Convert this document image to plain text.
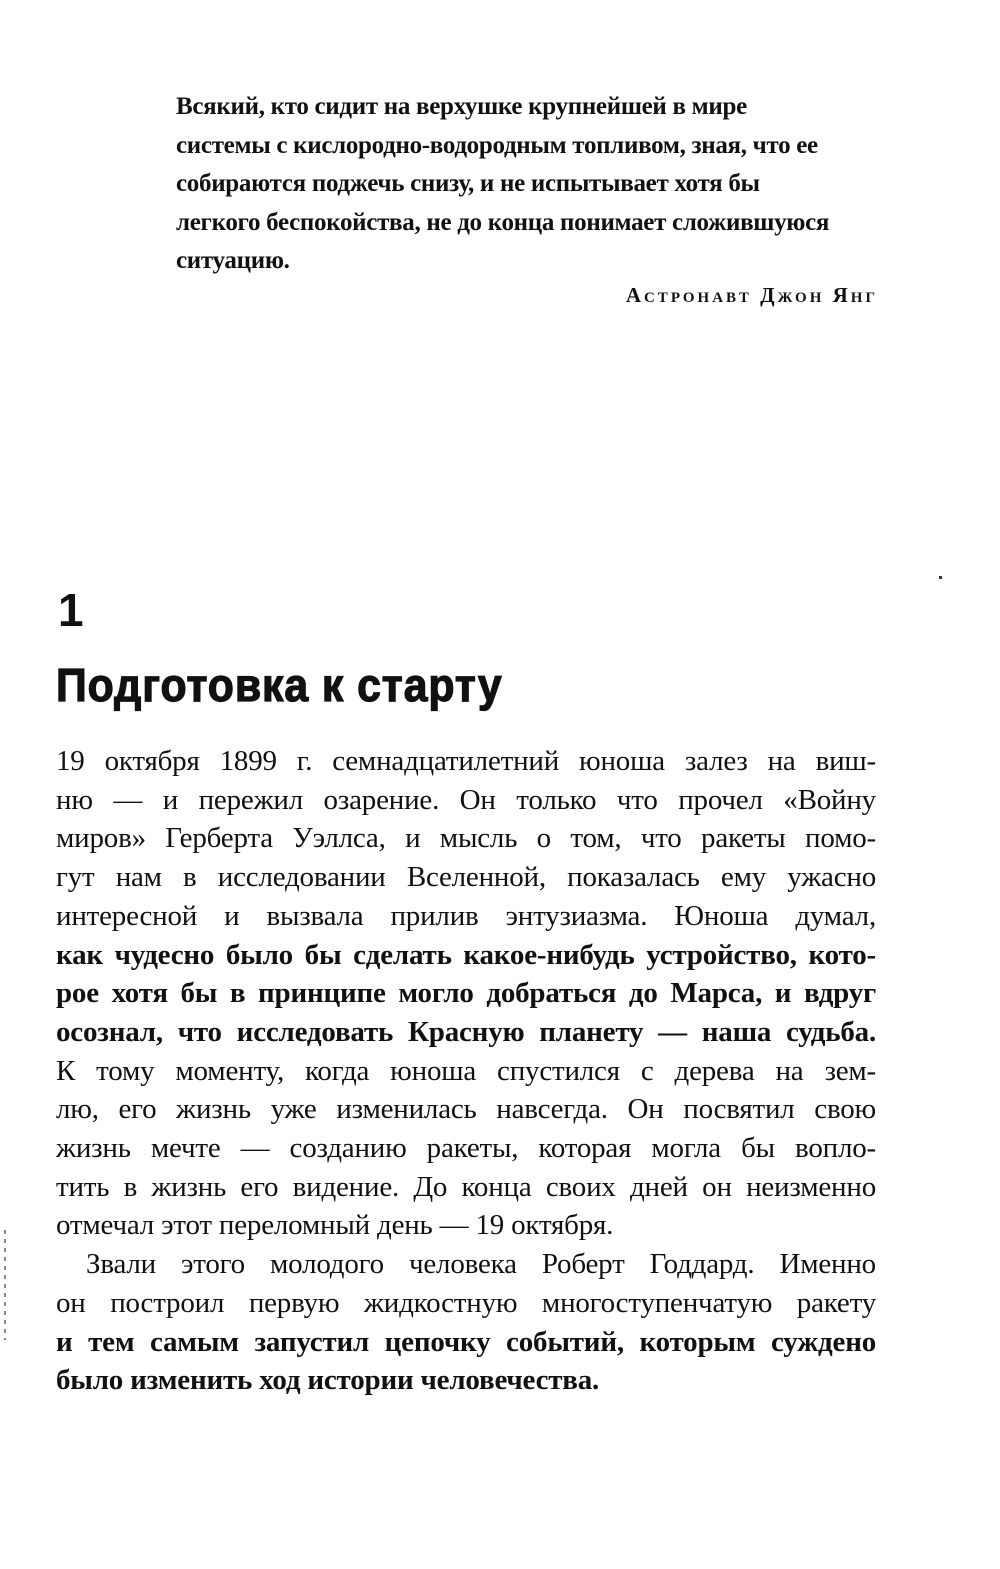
Всякий, кто сидит на верхушке крупнейшей в мире
системы с кислородно-водородным топливом, зная, что ее
собираются поджечь снизу, и не испытывает хотя бы
легкого беспокойства, не до конца понимает сложившуюся
ситуацию.
Астронавт Джон Янг
1
Подготовка к старту
19 октября 1899 г. семнадцатилетний юноша залез на виш-
ню — и пережил озарение. Он только что прочел «Войну
миров» Герберта Уэллса, и мысль о том, что ракеты помо-
гут нам в исследовании Вселенной, показалась ему ужасно
интересной и вызвала прилив энтузиазма. Юноша думал,
как чудесно было бы сделать какое-нибудь устройство, кото-
рое хотя бы в принципе могло добраться до Марса, и вдруг
осознал, что исследовать Красную планету — наша судьба.
К тому моменту, когда юноша спустился с дерева на зем-
лю, его жизнь уже изменилась навсегда. Он посвятил свою
жизнь мечте — созданию ракеты, которая могла бы вопло-
тить в жизнь его видение. До конца своих дней он неизменно
отмечал этот переломный день — 19 октября.
Звали этого молодого человека Роберт Годдард. Именно
он построил первую жидкостную многоступенчатую ракету
и тем самым запустил цепочку событий, которым суждено
было изменить ход истории человечества.
